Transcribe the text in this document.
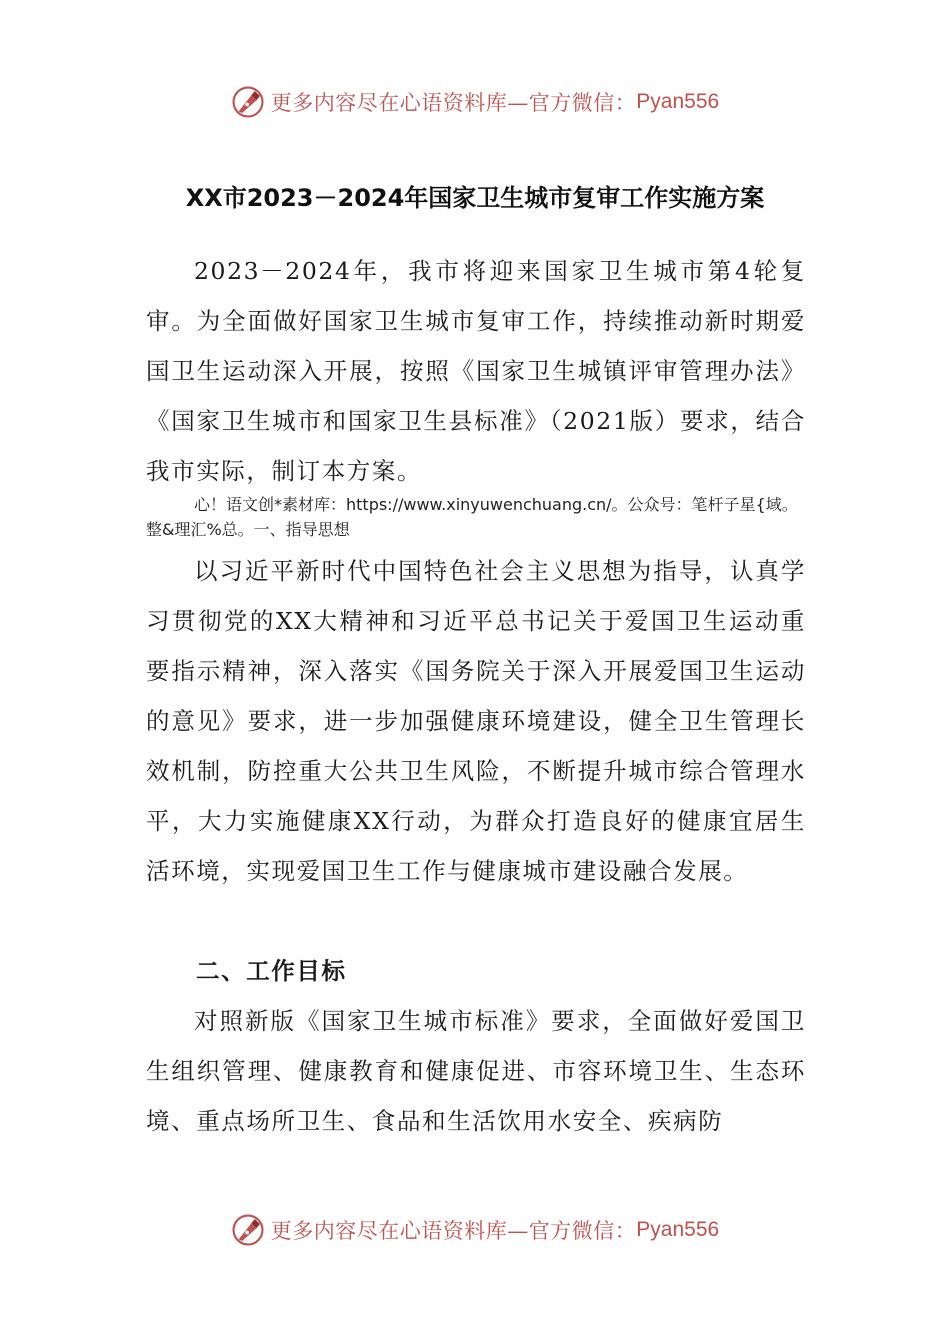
更多内容尽在心语资料库—官方微信： Pyan556
XX市2023－2024年国家卫生城市复审工作实施方案

2023－2024年，我市将迎来国家卫生城市第4轮复审。为全面做好国家卫生城市复审工作，持续推动新时期爱国卫生运动深入开展，按照《国家卫生城镇评审管理办法》《国家卫生城市和国家卫生县标准》（2021版）要求，结合我市实际，制订本方案。

心！语文创*素材库：https://www.xinyuwenchuang.cn/。公众号：笔杆子星{域。整&理汇%总。一、指导思想

以习近平新时代中国特色社会主义思想为指导，认真学习贯彻党的XX大精神和习近平总书记关于爱国卫生运动重要指示精神，深入落实《国务院关于深入开展爱国卫生运动的意见》要求，进一步加强健康环境建设，健全卫生管理长效机制，防控重大公共卫生风险，不断提升城市综合管理水平，大力实施健康XX行动，为群众打造良好的健康宜居生活环境，实现爱国卫生工作与健康城市建设融合发展。

二、工作目标

对照新版《国家卫生城市标准》要求，全面做好爱国卫生组织管理、健康教育和健康促进、市容环境卫生、生态环境、重点场所卫生、食品和生活饮用水安全、疾病防

更多内容尽在心语资料库—官方微信： Pyan556
